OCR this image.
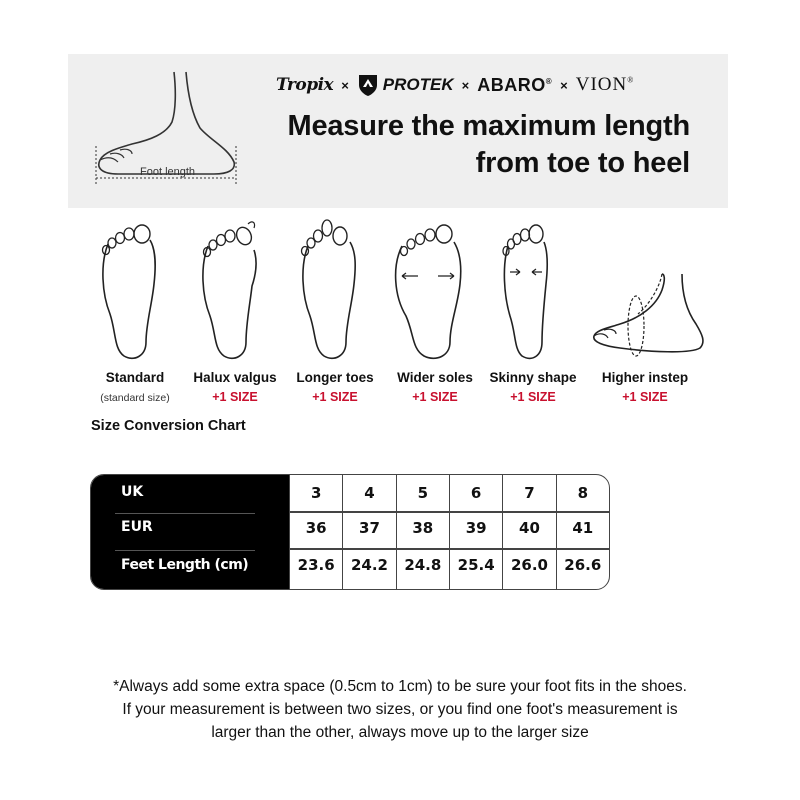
Foot length
Tropix × PROTEK × ABARO® × VION®
Measure the maximum length
from toe to heel
Standard
(standard size)
Halux valgus
+1 SIZE
Longer toes
+1 SIZE
Wider soles
+1 SIZE
Skinny shape
+1 SIZE
Higher instep
+1 SIZE
Size Conversion Chart
UK
EUR
Feet Length (cm)
3
36
23.6
4
37
24.2
5
38
24.8
6
39
25.4
7
40
26.0
8
41
26.6
*Always add some extra space (0.5cm to 1cm) to be sure your foot fits in the shoes.
If your measurement is between two sizes, or you find one foot's measurement is
larger than the other, always move up to the larger size
